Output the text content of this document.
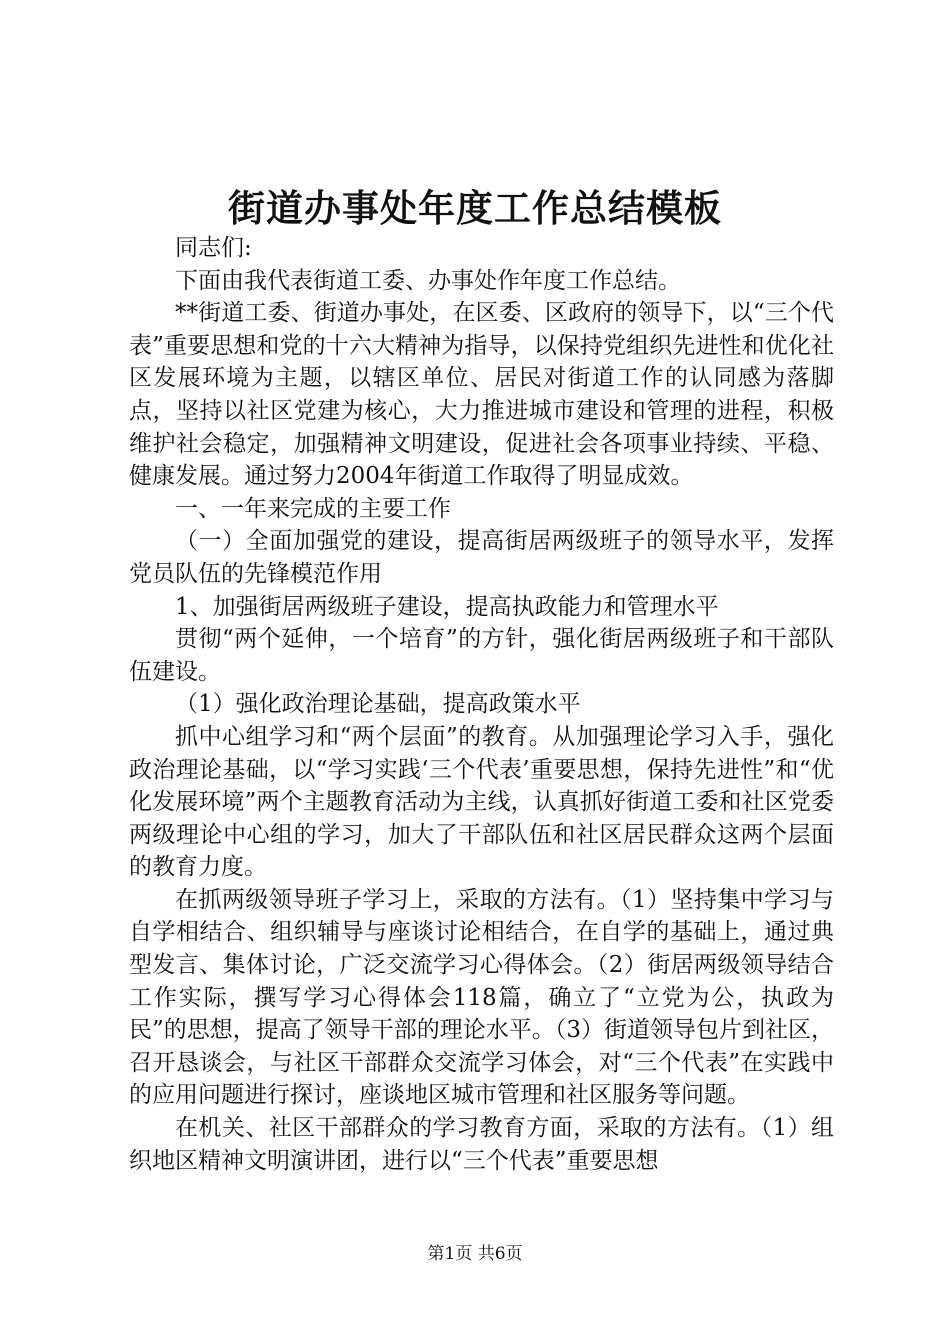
街道办事处年度工作总结模板

同志们:

下面由我代表街道工委、办事处作年度工作总结。

**街道工委、街道办事处，在区委、区政府的领导下，以“三个代表”重要思想和党的十六大精神为指导，以保持党组织先进性和优化社区发展环境为主题，以辖区单位、居民对街道工作的认同感为落脚点，坚持以社区党建为核心，大力推进城市建设和管理的进程，积极维护社会稳定，加强精神文明建设，促进社会各项事业持续、平稳、健康发展。通过努力2004年街道工作取得了明显成效。

一、一年来完成的主要工作

（一）全面加强党的建设，提高街居两级班子的领导水平，发挥党员队伍的先锋模范作用

1、加强街居两级班子建设，提高执政能力和管理水平

贯彻“两个延伸，一个培育”的方针，强化街居两级班子和干部队伍建设。

（1）强化政治理论基础，提高政策水平

抓中心组学习和“两个层面”的教育。从加强理论学习入手，强化政治理论基础，以“学习实践‘三个代表’重要思想，保持先进性”和“优化发展环境”两个主题教育活动为主线，认真抓好街道工委和社区党委两级理论中心组的学习，加大了干部队伍和社区居民群众这两个层面的教育力度。

在抓两级领导班子学习上，采取的方法有。（1）坚持集中学习与自学相结合、组织辅导与座谈讨论相结合，在自学的基础上，通过典型发言、集体讨论，广泛交流学习心得体会。（2）街居两级领导结合工作实际，撰写学习心得体会118篇，确立了“立党为公，执政为民”的思想，提高了领导干部的理论水平。（3）街道领导包片到社区，召开恳谈会，与社区干部群众交流学习体会，对“三个代表”在实践中的应用问题进行探讨，座谈地区城市管理和社区服务等问题。

在机关、社区干部群众的学习教育方面，采取的方法有。（1）组织地区精神文明演讲团，进行以“三个代表”重要思想

第1页 共6页
